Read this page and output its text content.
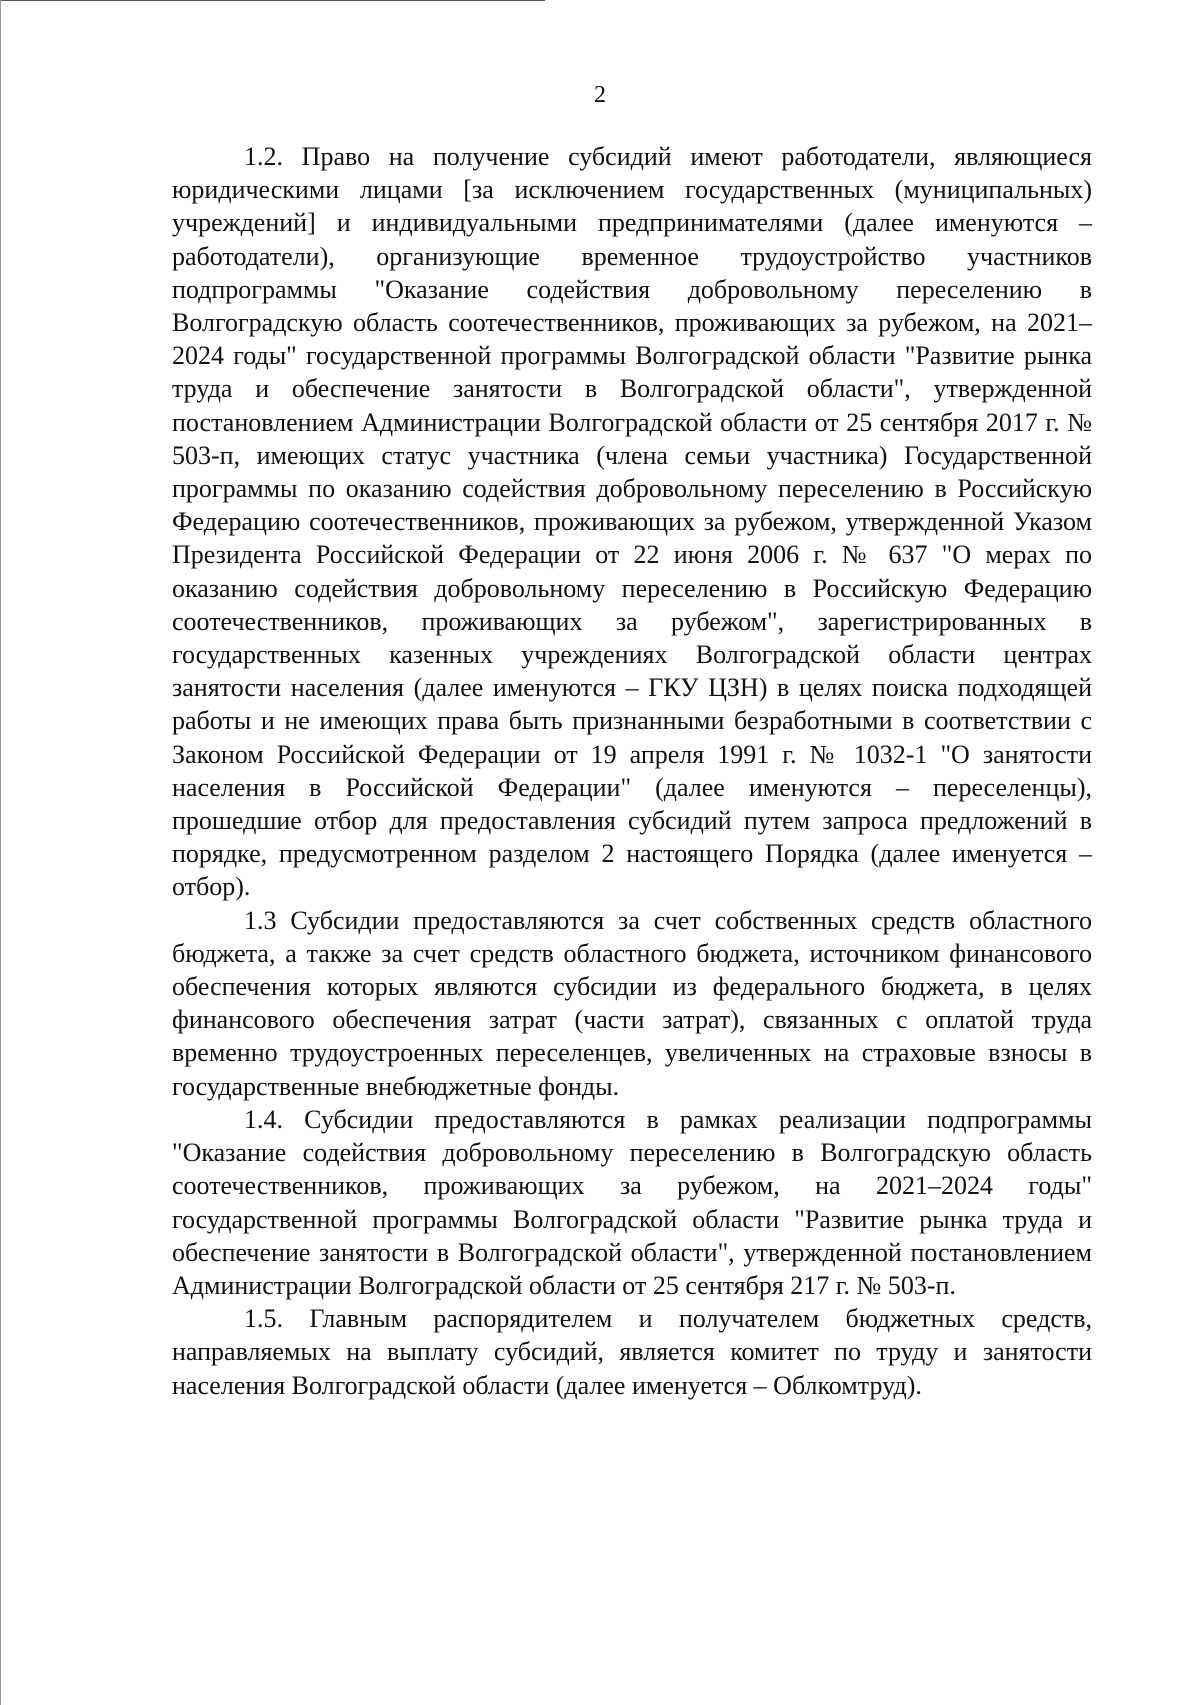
2

1.2. Право на получение субсидий имеют работодатели, являющиеся юридическими лицами [за исключением государственных (муниципальных) учреждений] и индивидуальными предпринимателями (далее именуются – работодатели), организующие временное трудоустройство участников подпрограммы "Оказание содействия добровольному переселению в Волгоградскую область соотечественников, проживающих за рубежом, на 2021–2024 годы" государственной программы Волгоградской области "Развитие рынка труда и обеспечение занятости в Волгоградской области", утвержденной постановлением Администрации Волгоградской области от 25 сентября 2017 г. № 503-п, имеющих статус участника (члена семьи участника) Государственной программы по оказанию содействия добровольному переселению в Российскую Федерацию соотечественников, проживающих за рубежом, утвержденной Указом Президента Российской Федерации от 22 июня 2006 г. № 637 "О мерах по оказанию содействия добровольному переселению в Российскую Федерацию соотечественников, проживающих за рубежом", зарегистрированных в государственных казенных учреждениях Волгоградской области центрах занятости населения (далее именуются – ГКУ ЦЗН) в целях поиска подходящей работы и не имеющих права быть признанными безработными в соответствии с Законом Российской Федерации от 19 апреля 1991 г. № 1032-1 "О занятости населения в Российской Федерации" (далее именуются – переселенцы), прошедшие отбор для предоставления субсидий путем запроса предложений в порядке, предусмотренном разделом 2 настоящего Порядка (далее именуется – отбор).

1.3 Субсидии предоставляются за счет собственных средств областного бюджета, а также за счет средств областного бюджета, источником финансового обеспечения которых являются субсидии из федерального бюджета, в целях финансового обеспечения затрат (части затрат), связанных с оплатой труда временно трудоустроенных переселенцев, увеличенных на страховые взносы в государственные внебюджетные фонды.

1.4. Субсидии предоставляются в рамках реализации подпрограммы "Оказание содействия добровольному переселению в Волгоградскую область соотечественников, проживающих за рубежом, на 2021–2024 годы" государственной программы Волгоградской области "Развитие рынка труда и обеспечение занятости в Волгоградской области", утвержденной постановлением Администрации Волгоградской области от 25 сентября 217 г. № 503-п.

1.5. Главным распорядителем и получателем бюджетных средств, направляемых на выплату субсидий, является комитет по труду и занятости населения Волгоградской области (далее именуется – Облкомтруд).
